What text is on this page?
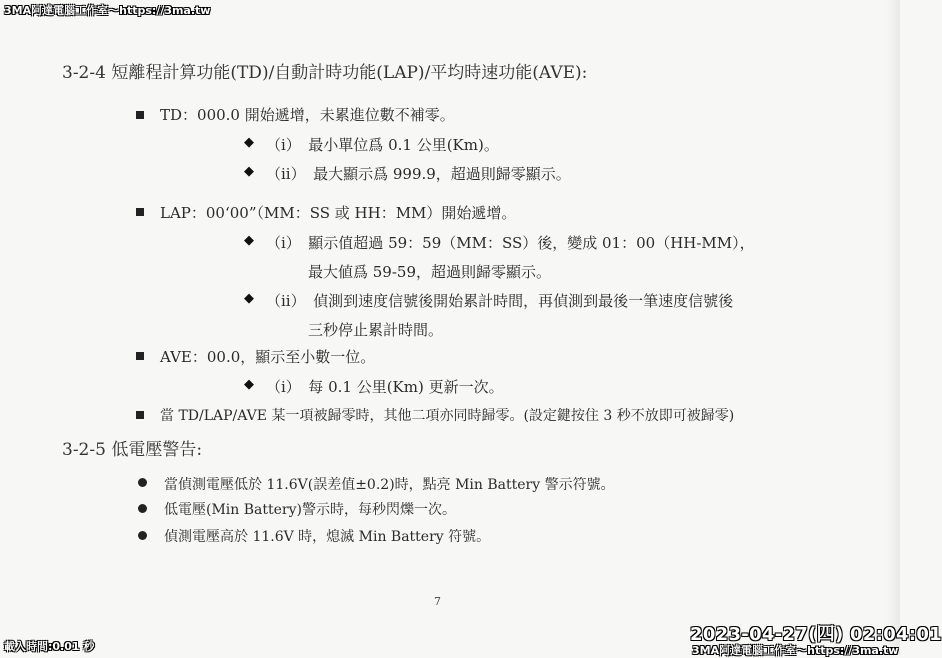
3-2-4 短離程計算功能(TD)/自動計時功能(LAP)/平均時速功能(AVE):
TD：000.0 開始遞增，未累進位數不補零。
◆ （i）　最小單位爲 0.1 公里(Km)。
◆ （ii）　最大顯示爲 999.9，超過則歸零顯示。
LAP：00‘00”（MM：SS 或 HH：MM）開始遞增。
◆ （i）　顯示值超過 59：59（MM：SS）後，變成 01：00（HH-MM），
最大値爲 59-59，超過則歸零顯示。
◆ （ii）　偵測到速度信號後開始累計時間，再偵測到最後一筆速度信號後
三秒停止累計時間。
AVE：00.0，顯示至小數一位。
◆ （i）　每 0.1 公里(Km) 更新一次。
當 TD/LAP/AVE 某一項被歸零時，其他二項亦同時歸零。(設定鍵按住 3 秒不放即可被歸零)
3-2-5 低電壓警告:
當偵測電壓低於 11.6V(誤差值±0.2)時，點亮 Min Battery 警示符號。
低電壓(Min Battery)警示時，每秒閃爍一次。
偵測電壓高於 11.6V 時，熄滅 Min Battery 符號。
7
3MA阿達電腦工作室～https://3ma.tw
2023-04-27(四) 02:04:01
3MA阿達電腦工作室～https://3ma.tw
載入時間:0.01 秒
